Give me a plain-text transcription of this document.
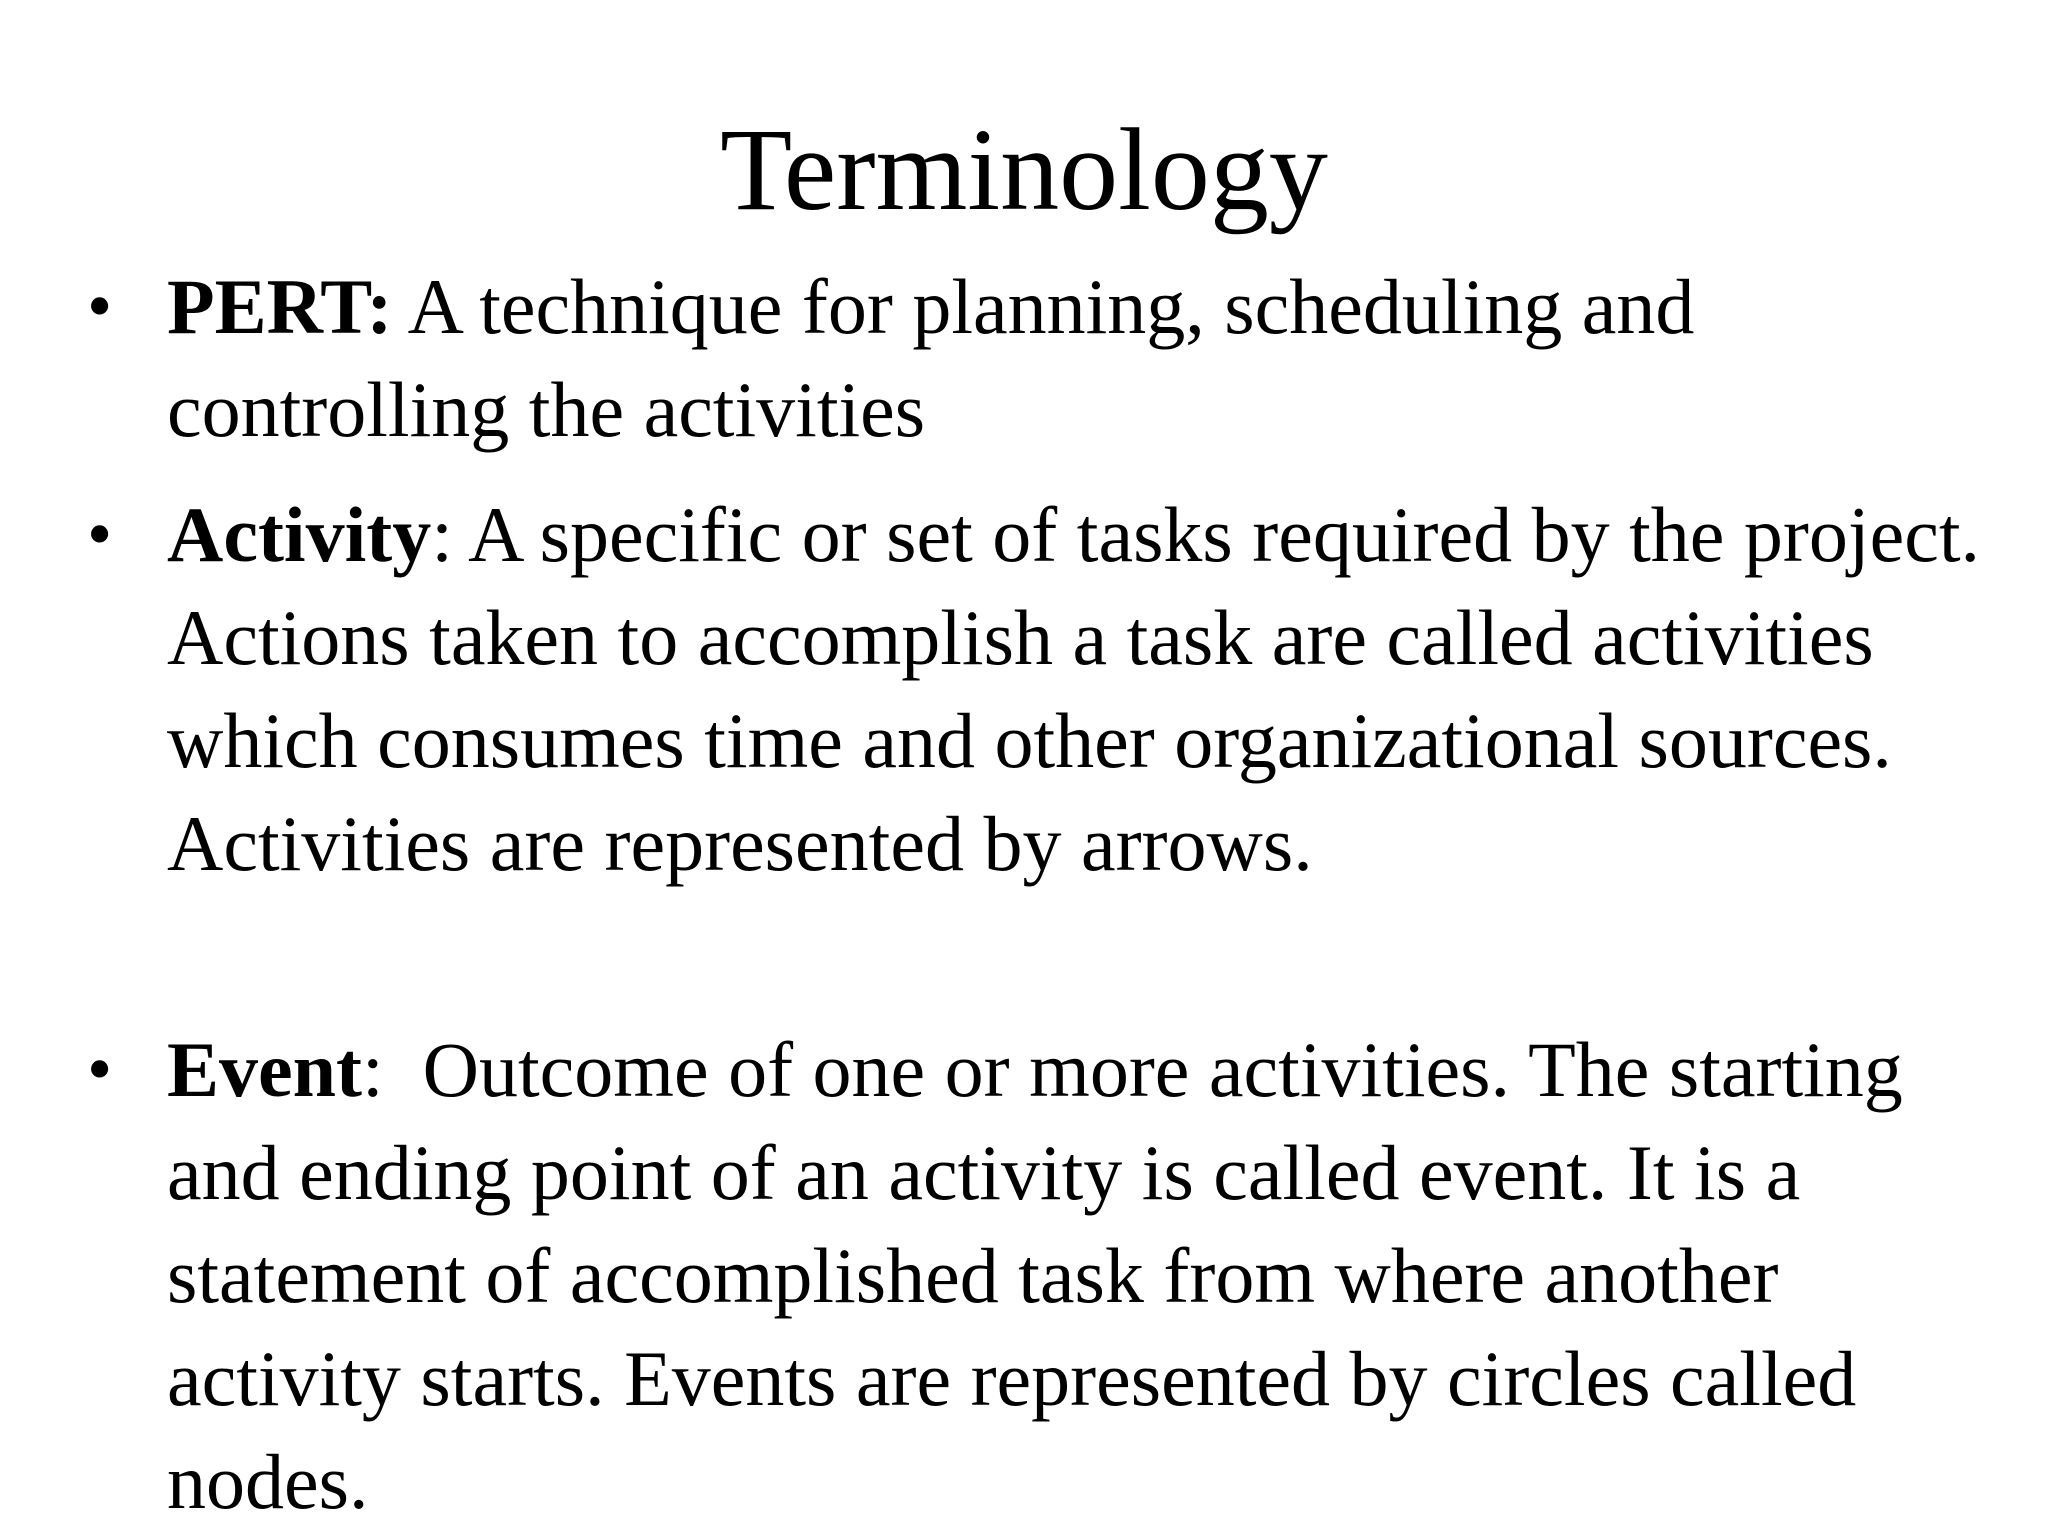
Terminology
• PERT: A technique for planning, scheduling and controlling the activities
• Activity: A specific or set of tasks required by the project. Actions taken to accomplish a task are called activities which consumes time and other organizational sources. Activities are represented by arrows.
• Event:  Outcome of one or more activities. The starting and ending point of an activity is called event. It is a statement of accomplished task from where another activity starts. Events are represented by circles called nodes.
